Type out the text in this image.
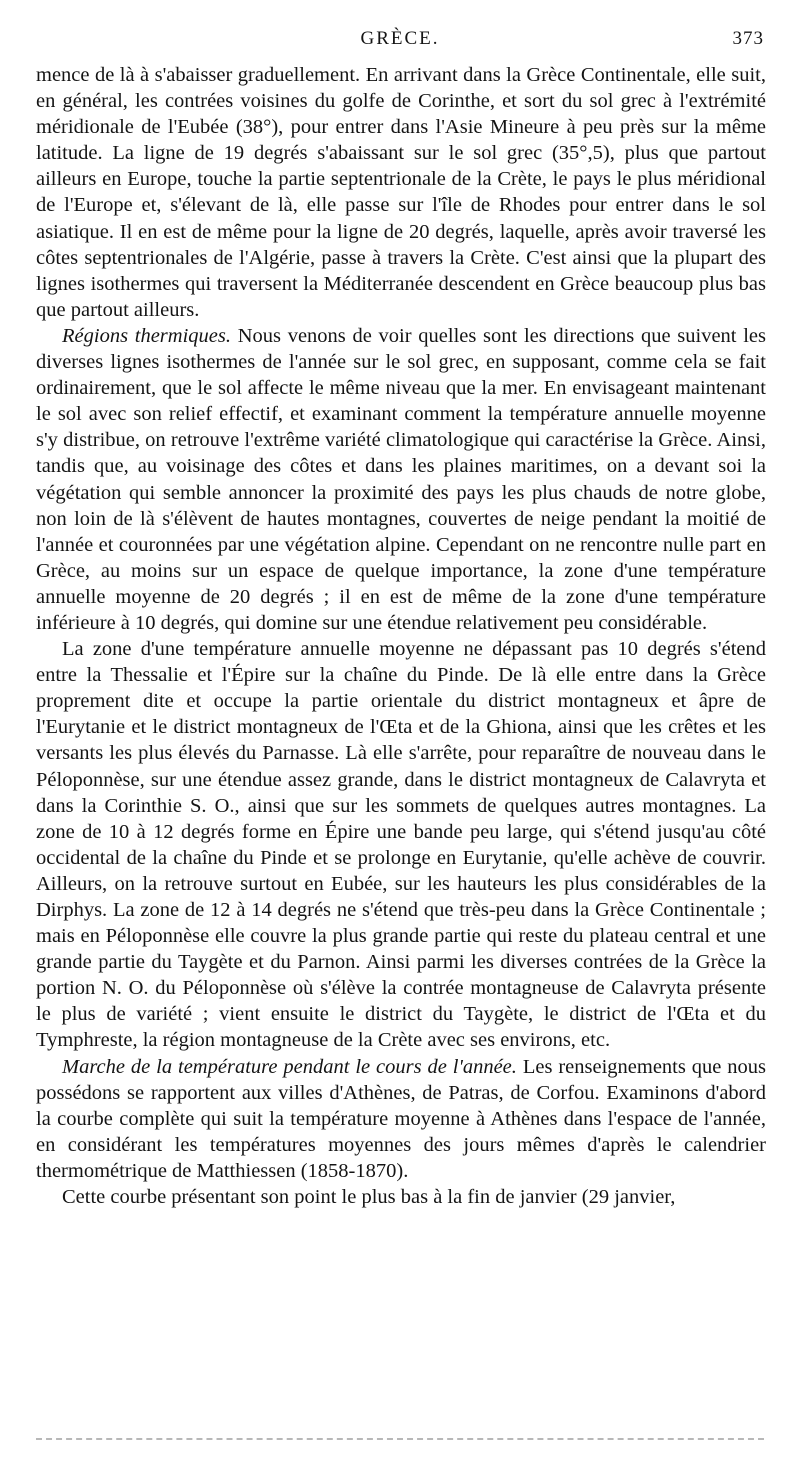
GRÈCE.	373

mence de là à s'abaisser graduellement. En arrivant dans la Grèce Continentale, elle suit, en général, les contrées voisines du golfe de Corinthe, et sort du sol grec à l'extrémité méridionale de l'Eubée (38°), pour entrer dans l'Asie Mineure à peu près sur la même latitude. La ligne de 19 degrés s'abaissant sur le sol grec (35°,5), plus que partout ailleurs en Europe, touche la partie septentrionale de la Crète, le pays le plus méridional de l'Europe et, s'élevant de là, elle passe sur l'île de Rhodes pour entrer dans le sol asiatique. Il en est de même pour la ligne de 20 degrés, laquelle, après avoir traversé les côtes septentrionales de l'Algérie, passe à travers la Crète. C'est ainsi que la plupart des lignes isothermes qui traversent la Méditerranée descendent en Grèce beaucoup plus bas que partout ailleurs.

Régions thermiques. Nous venons de voir quelles sont les directions que suivent les diverses lignes isothermes de l'année sur le sol grec, en supposant, comme cela se fait ordinairement, que le sol affecte le même niveau que la mer. En envisageant maintenant le sol avec son relief effectif, et examinant comment la température annuelle moyenne s'y distribue, on retrouve l'extrême variété climatologique qui caractérise la Grèce. Ainsi, tandis que, au voisinage des côtes et dans les plaines maritimes, on a devant soi la végétation qui semble annoncer la proximité des pays les plus chauds de notre globe, non loin de là s'élèvent de hautes montagnes, couvertes de neige pendant la moitié de l'année et couronnées par une végétation alpine. Cependant on ne rencontre nulle part en Grèce, au moins sur un espace de quelque importance, la zone d'une température annuelle moyenne de 20 degrés ; il en est de même de la zone d'une température inférieure à 10 degrés, qui domine sur une étendue relativement peu considérable.

La zone d'une température annuelle moyenne ne dépassant pas 10 degrés s'étend entre la Thessalie et l'Épire sur la chaîne du Pinde. De là elle entre dans la Grèce proprement dite et occupe la partie orientale du district montagneux et âpre de l'Eurytanie et le district montagneux de l'Œta et de la Ghiona, ainsi que les crêtes et les versants les plus élevés du Parnasse. Là elle s'arrête, pour reparaître de nouveau dans le Péloponnèse, sur une étendue assez grande, dans le district montagneux de Calavryta et dans la Corinthie S. O., ainsi que sur les sommets de quelques autres montagnes. La zone de 10 à 12 degrés forme en Épire une bande peu large, qui s'étend jusqu'au côté occidental de la chaîne du Pinde et se prolonge en Eurytanie, qu'elle achève de couvrir. Ailleurs, on la retrouve surtout en Eubée, sur les hauteurs les plus considérables de la Dirphys. La zone de 12 à 14 degrés ne s'étend que très-peu dans la Grèce Continentale ; mais en Péloponnèse elle couvre la plus grande partie qui reste du plateau central et une grande partie du Taygète et du Parnon. Ainsi parmi les diverses contrées de la Grèce la portion N. O. du Péloponnèse où s'élève la contrée montagneuse de Calavryta présente le plus de variété ; vient ensuite le district du Taygète, le district de l'Œta et du Tymphreste, la région montagneuse de la Crète avec ses environs, etc.

Marche de la température pendant le cours de l'année. Les renseignements que nous possédons se rapportent aux villes d'Athènes, de Patras, de Corfou. Examinons d'abord la courbe complète qui suit la température moyenne à Athènes dans l'espace de l'année, en considérant les températures moyennes des jours mêmes d'après le calendrier thermométrique de Matthiessen (1858-1870).

Cette courbe présentant son point le plus bas à la fin de janvier (29 janvier,
